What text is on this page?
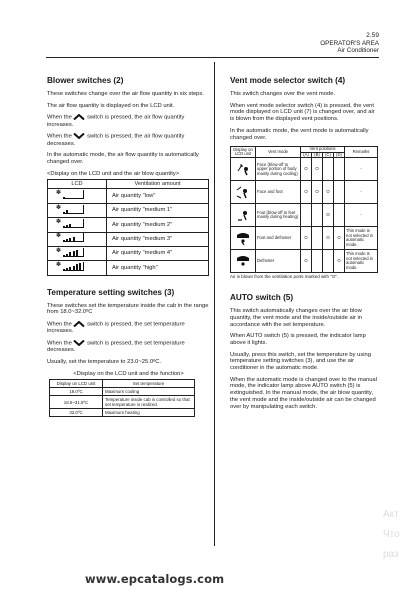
2.59
OPERATOR'S AREA
Air Conditioner
Blower switches (2)

These switches change over the air flow quantity in six steps.

The air flow quantity is displayed on the LCD unit.

When the	switch is pressed, the air flow quantity increases.

When the	switch is pressed, the air flow quantity decreases.

In the automatic mode, the air flow quantity is automatically changed over.

<Display on the LCD unit and the air blow quantity>
LCD	Ventilation amount

✽	Air quantity "low"

✽	Air quantity "medium 1"

✽	Air quantity "medium 2"

✽	Air quantity "medium 3"

✽	Air quantity "medium 4"

✽	Air quantity "high"
Temperature setting switches (3)

These switches set the temperature inside the cab in the range from 18.0~32.0ºC

When the	switch is pressed, the set temperature increases.

When the	switch is pressed, the set temperature decreases.

Usually, set the temperature to 23.0~25.0ºC.

<Display on the LCD unit and the function>
Display on LCD unit	Set temperature
18.0ºC	Maximum cooling
18.5~31.5ºC	Temperature inside cab is controlled so that set temperature is realized.
32.0ºC	Maximum heating
Vent mode selector switch (4)

This switch changes over the vent mode.

When vent mode selector switch (4) is pressed, the vent mode displayed on LCD unit (7) is changed over, and air is blown from the displayed vent positions.

In the automatic mode, the vent mode is automatically changed over.

Display on LCD unit	Vent mode	Vent positions				Remarks
		(A)	(B)	(C)	(D)	
	Face (blow-off to upper portion of body mainly during cooling)	O	O			-
	Face and foot	O	O	O		-
	Foot (blow-off to feet mainly during heating)			O		-
	Foot and defroster	O		O	O	This mode is not selected in automatic mode.
	Defroster	O			O	This mode is not selected in automatic mode.
Air is blown from the ventilation ports marked with "O".
AUTO switch (5)

This switch automatically changes over the air blow quantity, the vent mode and the inside/outside air in accordance with the set temperature.

When AUTO switch (5) is pressed, the indicator lamp above it lights.

Usually, press this switch, set the temperature by using temperature setting switches (3), and use the air conditioner in the automatic mode.

When the automatic mode is changed over to the manual mode, the indicator lamp above AUTO switch (5) is extinguished. In the manual mode, the air blow quantity, the vent mode and the inside/outside air can be changed over by manipulating each switch.

Акт
Что
раз
www.epcatalogs.com
